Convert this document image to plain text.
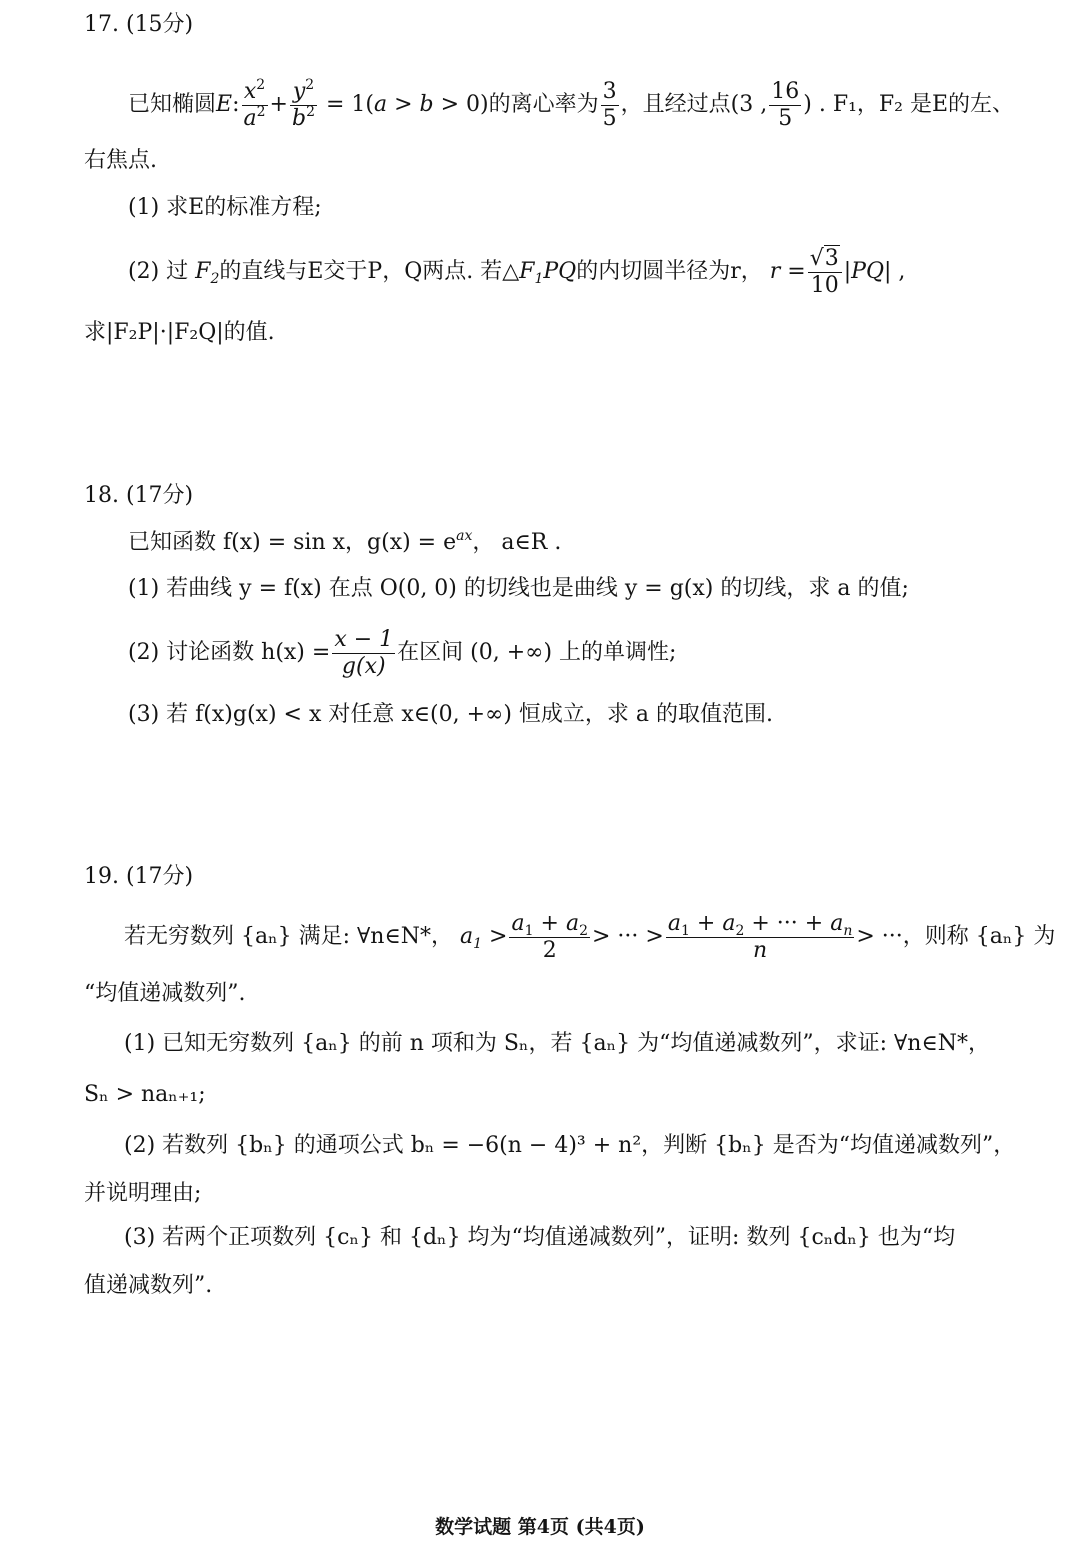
17. (15分)
已知椭圆 E : $\frac{x^2}{a^2} + \frac{y^2}{b^2} = 1(a > b > 0)$ 的离心率为 $\frac{3}{5}$ ，且经过点 (3 , $\frac{16}{5}$ ) . F₁，F₂ 是E的左、
右焦点.
(1) 求E的标准方程;
(2) 过 $F_2$ 的直线与E交于P，Q两点. 若△ $F_1PQ$ 的内切圆半径为r， $r = \frac{√3}{10} |PQ|$ ,
求|F₂P|·|F₂Q|的值.
18. (17分)
已知函数 f(x) = sin x，$g(x) = e^{ax}$， a∈R .
(1) 若曲线 y = f(x) 在点 O(0, 0) 的切线也是曲线 y = g(x) 的切线，求 a 的值;
(2) 讨论函数 $h(x) = \frac{x - 1}{g(x)}$ 在区间 (0, +∞) 上的单调性;
(3) 若 f(x)g(x) < x 对任意 x∈(0, +∞) 恒成立，求 a 的取值范围.
19. (17分)
若无穷数列 {aₙ} 满足: ∀n∈N*， $a_1 > \frac{a_1 + a_2}{2}$ > ··· > $\frac{a_1 + a_2 + \cdot\cdot\cdot + a_n}{n}$ > ··· ，则称 {aₙ} 为
“均值递减数列”.
(1) 已知无穷数列 {aₙ} 的前 n 项和为 Sₙ，若 {aₙ} 为“均值递减数列”，求证: ∀n∈N*，
Sₙ > naₙ₊₁;
(2) 若数列 {bₙ} 的通项公式 bₙ = −6(n − 4)³ + n²，判断 {bₙ} 是否为“均值递减数列”，
并说明理由;
(3) 若两个正项数列 {cₙ} 和 {dₙ} 均为“均值递减数列”，证明: 数列 {cₙdₙ} 也为“均
值递减数列”.
数学试题 第4页 (共4页)
